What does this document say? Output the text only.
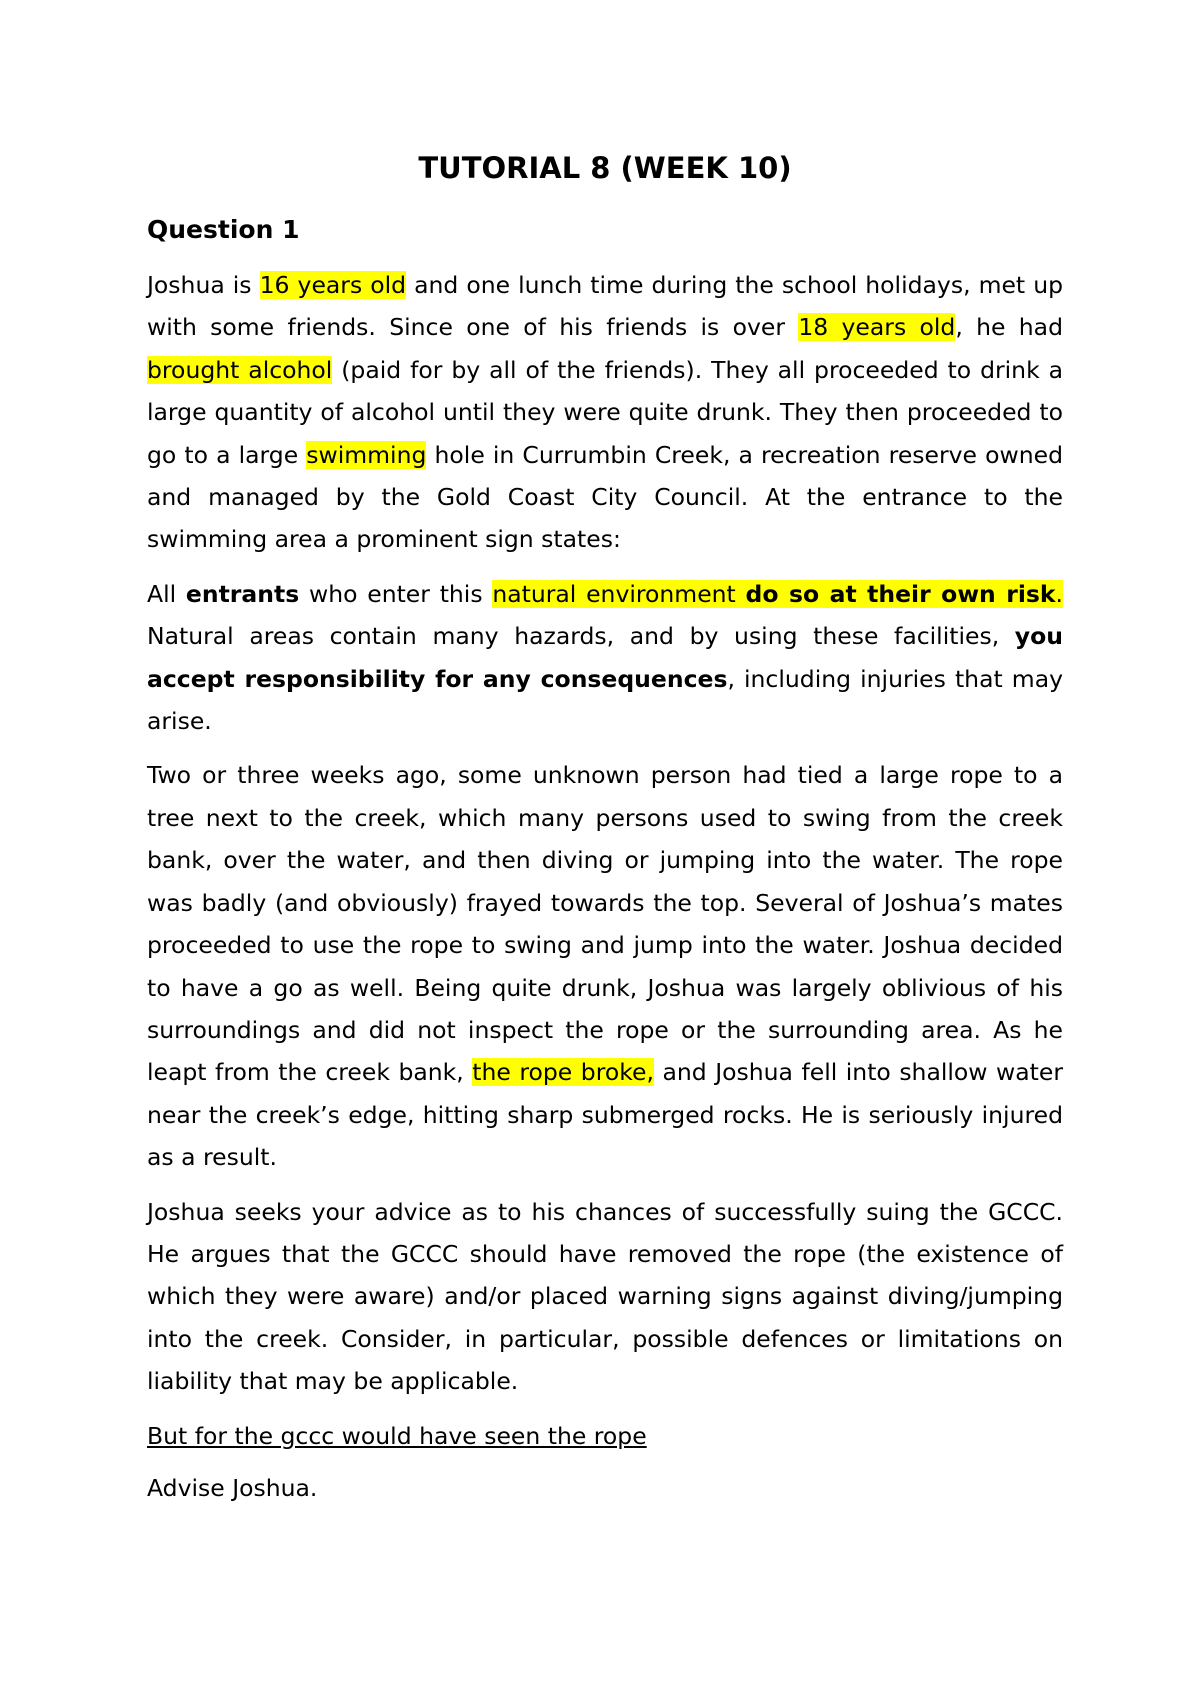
TUTORIAL 8 (WEEK 10)
Question 1

Joshua is 16 years old and one lunch time during the school holidays, met up with some friends. Since one of his friends is over 18 years old, he had brought alcohol (paid for by all of the friends). They all proceeded to drink a large quantity of alcohol until they were quite drunk. They then proceeded to go to a large swimming hole in Currumbin Creek, a recreation reserve owned and managed by the Gold Coast City Council. At the entrance to the swimming area a prominent sign states:

All entrants who enter this natural environment do so at their own risk. Natural areas contain many hazards, and by using these facilities, you accept responsibility for any consequences, including injuries that may arise.

Two or three weeks ago, some unknown person had tied a large rope to a tree next to the creek, which many persons used to swing from the creek bank, over the water, and then diving or jumping into the water. The rope was badly (and obviously) frayed towards the top. Several of Joshua’s mates proceeded to use the rope to swing and jump into the water. Joshua decided to have a go as well. Being quite drunk, Joshua was largely oblivious of his surroundings and did not inspect the rope or the surrounding area. As he leapt from the creek bank, the rope broke, and Joshua fell into shallow water near the creek’s edge, hitting sharp submerged rocks. He is seriously injured as a result.

Joshua seeks your advice as to his chances of successfully suing the GCCC. He argues that the GCCC should have removed the rope (the existence of which they were aware) and/or placed warning signs against diving/jumping into the creek. Consider, in particular, possible defences or limitations on liability that may be applicable.

But for the gccc would have seen the rope

Advise Joshua.
